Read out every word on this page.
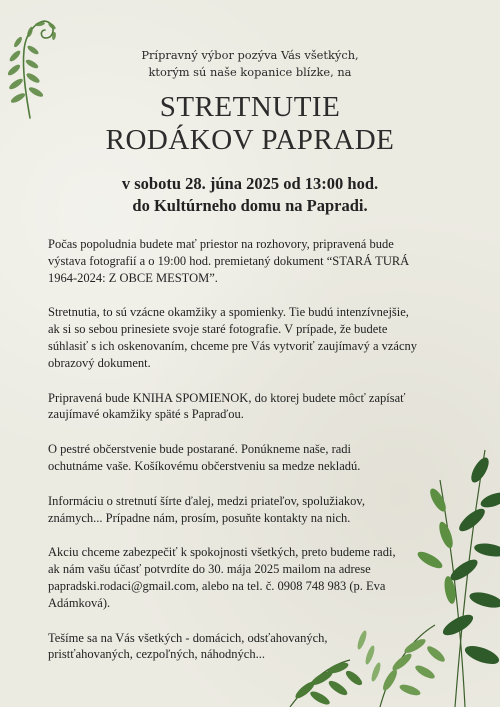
Prípravný výbor pozýva Vás všetkých,
ktorým sú naše kopanice blízke, na
STRETNUTIE
RODÁKOV PAPRADE
v sobotu 28. júna 2025 od 13:00 hod.
do Kultúrneho domu na Papradi.

Počas popoludnia budete mať priestor na rozhovory, pripravená bude
výstava fotografií a o 19:00 hod. premietaný dokument “STARÁ TURÁ
1964-2024: Z OBCE MESTOM”.

Stretnutia, to sú vzácne okamžiky a spomienky. Tie budú intenzívnejšie,
ak si so sebou prinesiete svoje staré fotografie. V prípade, že budete
súhlasiť s ich oskenovaním, chceme pre Vás vytvoriť zaujímavý a vzácny
obrazový dokument.

Pripravená bude KNIHA SPOMIENOK, do ktorej budete môcť zapísať
zaujímavé okamžiky späté s Papraďou.

O pestré občerstvenie bude postarané. Ponúkneme naše, radi
ochutnáme vaše. Košíkovému občerstveniu sa medze nekladú.

Informáciu o stretnutí šírte ďalej, medzi priateľov, spolužiakov,
známych... Prípadne nám, prosím, posuňte kontakty na nich.

Akciu chceme zabezpečiť k spokojnosti všetkých, preto budeme radi,
ak nám vašu účasť potvrdíte do 30. mája 2025 mailom na adrese
papradski.rodaci@gmail.com, alebo na tel. č. 0908 748 983 (p. Eva
Adámková).

Tešíme sa na Vás všetkých - domácich, odsťahovaných,
pristťahovaných, cezpoľných, náhodných...
